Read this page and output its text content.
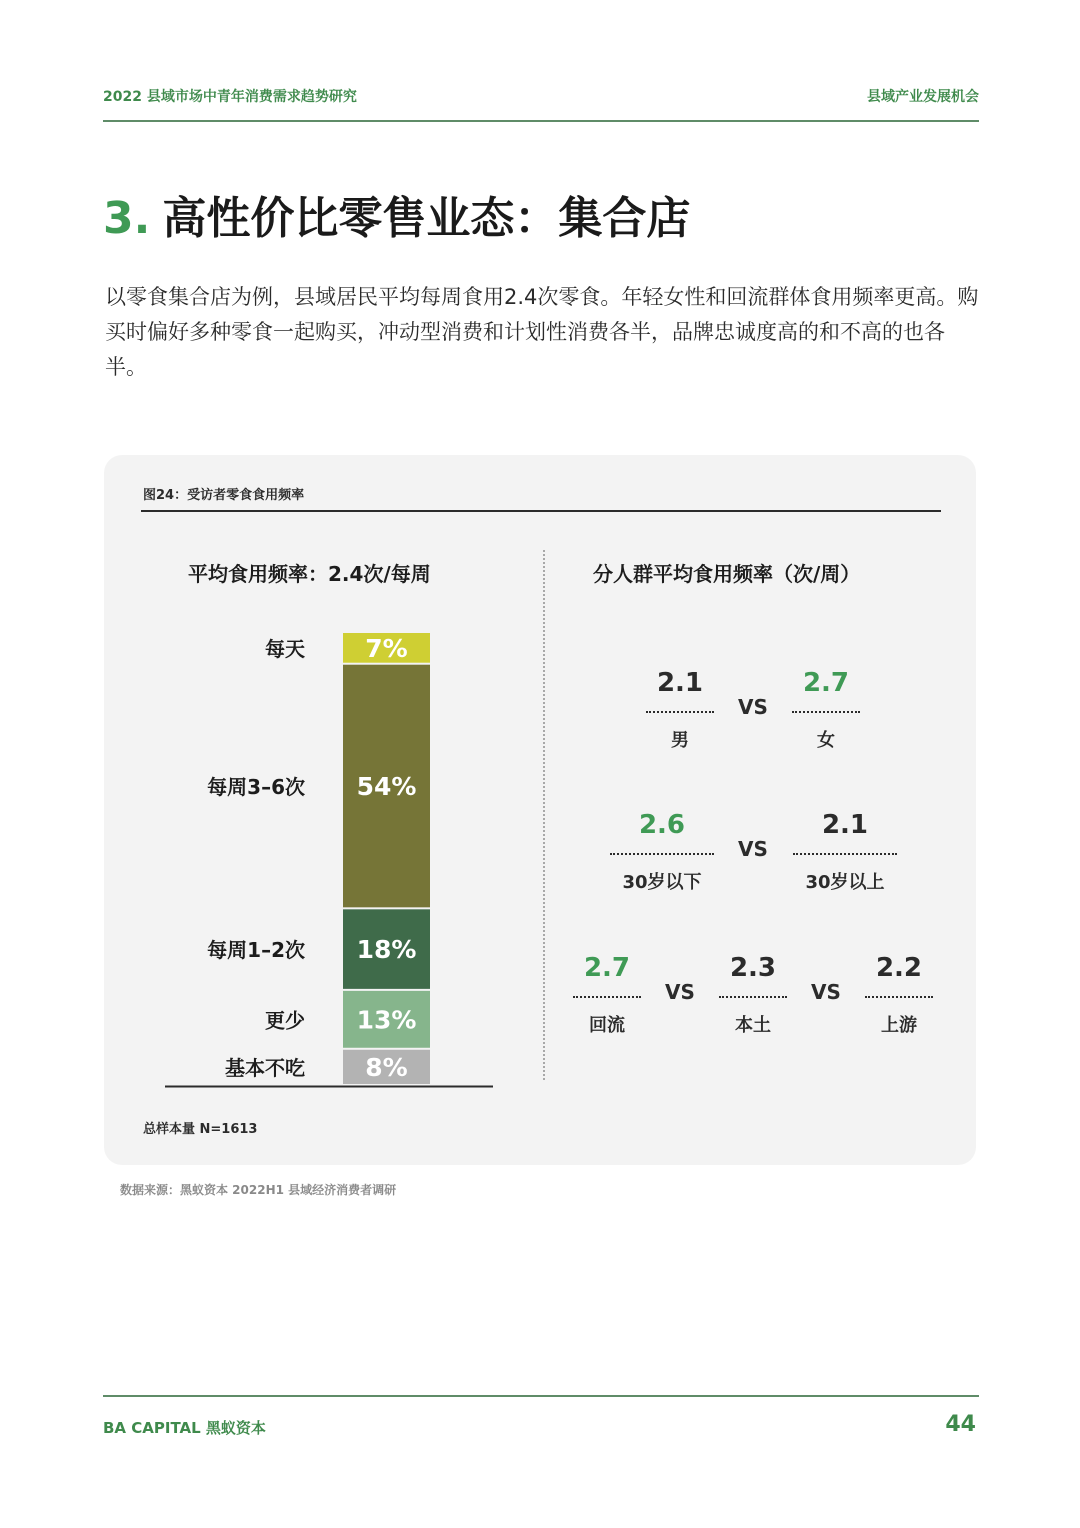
2022 县域市场中青年消费需求趋势研究	县域产业发展机会
3. 高性价比零售业态：集合店
以零食集合店为例，县域居民平均每周食用2.4次零食。年轻女性和回流群体食用频率更高。购买时偏好多种零食一起购买，冲动型消费和计划性消费各半，品牌忠诚度高的和不高的也各半。
图24：受访者零食食用频率
平均食用频率：2.4次/每周	分人群平均食用频率（次/周）
7%
每天
54%
每周3–6次
18%
每周1–2次
13%
更少
8%
基本不吃
总样本量 N=1613
2.1
男
2.7
女
VS
2.6
30岁以下
2.1
30岁以上
VS
2.7
回流
2.3
本土
2.2
上游
VS	VS
数据来源：黑蚁资本 2022H1 县域经济消费者调研
BA CAPITAL 黑蚁资本	44
